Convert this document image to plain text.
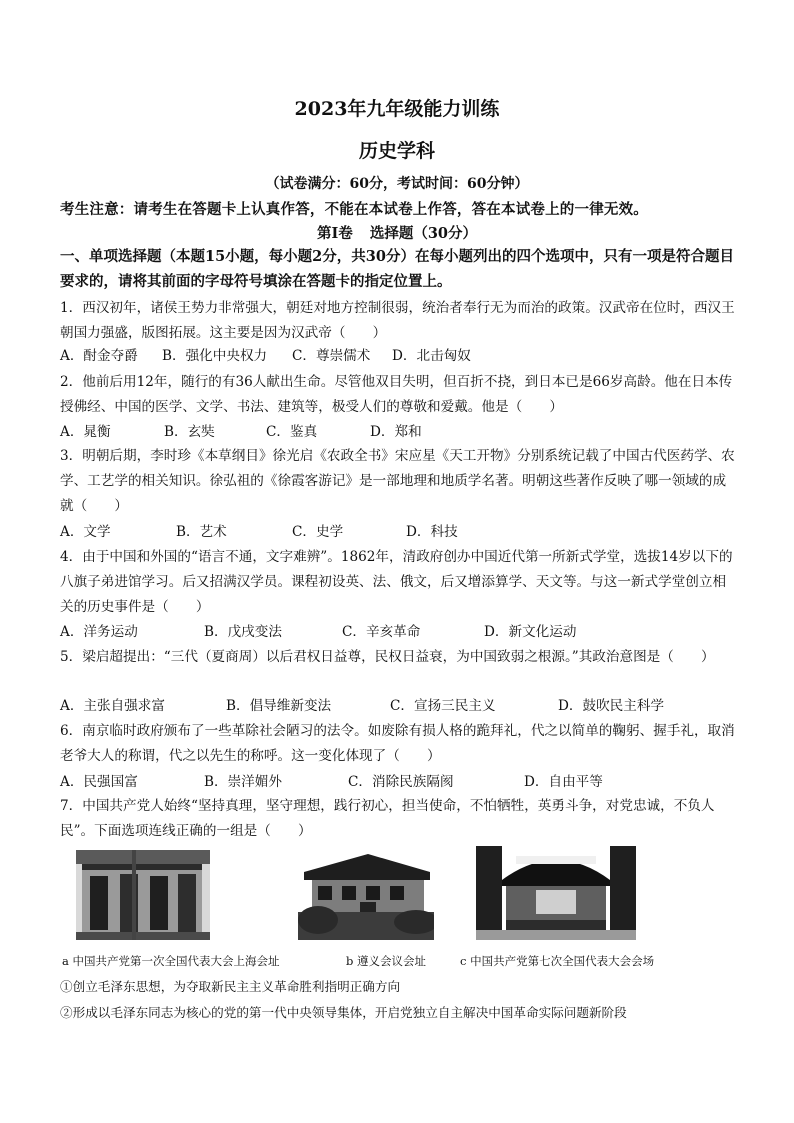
2023年九年级能力训练
历史学科
（试卷满分：60分，考试时间：60分钟）
考生注意：请考生在答题卡上认真作答，不能在本试卷上作答，答在本试卷上的一律无效。
第Ⅰ卷 选择题（30分）
一、单项选择题（本题15小题，每小题2分，共30分）在每小题列出的四个选项中，只有一项是符合题目要求的，请将其前面的字母符号填涂在答题卡的指定位置上。
1．西汉初年，诸侯王势力非常强大，朝廷对地方控制很弱，统治者奉行无为而治的政策。汉武帝在位时，西汉王朝国力强盛，版图拓展。这主要是因为汉武帝（　　）
A．酎金夺爵 B．强化中央权力 C．尊崇儒术 D．北击匈奴
2．他前后用12年，随行的有36人献出生命。尽管他双目失明，但百折不挠，到日本已是66岁高龄。他在日本传授佛经、中国的医学、文学、书法、建筑等，极受人们的尊敬和爱戴。他是（　　）
A．晁衡	B．玄奘	C．鉴真	D．郑和
3．明朝后期，李时珍《本草纲目》徐光启《农政全书》宋应星《天工开物》分别系统记载了中国古代医药学、农学、工艺学的相关知识。徐弘祖的《徐霞客游记》是一部地理和地质学名著。明朝这些著作反映了哪一领域的成就（　　）
A．文学	B．艺术	C．史学	D．科技
4．由于中国和外国的“语言不通，文字难辨”。1862年，清政府创办中国近代第一所新式学堂，选拔14岁以下的八旗子弟进馆学习。后又招满汉学员。课程初设英、法、俄文，后又增添算学、天文等。与这一新式学堂创立相关的历史事件是（　　）
A．洋务运动	B．戊戌变法	C．辛亥革命	D．新文化运动
5．梁启超提出：“三代（夏商周）以后君权日益尊，民权日益衰，为中国致弱之根源。”其政治意图是（　　）
A．主张自强求富	B．倡导维新变法	C．宣扬三民主义	D．鼓吹民主科学
6．南京临时政府颁布了一些革除社会陋习的法令。如废除有损人格的跪拜礼，代之以简单的鞠躬、握手礼，取消老爷大人的称谓，代之以先生的称呼。这一变化体现了（　　）
A．民强国富	B．崇洋媚外	C．消除民族隔阂	D．自由平等
7．中国共产党人始终“坚持真理，坚守理想，践行初心，担当使命，不怕牺牲，英勇斗争，对党忠诚，不负人民”。下面选项连线正确的一组是（　　）
a 中国共产党第一次全国代表大会上海会址	b 遵义会议会址	c 中国共产党第七次全国代表大会会场
①创立毛泽东思想，为夺取新民主主义革命胜利指明正确方向
②形成以毛泽东同志为核心的党的第一代中央领导集体，开启党独立自主解决中国革命实际问题新阶段
